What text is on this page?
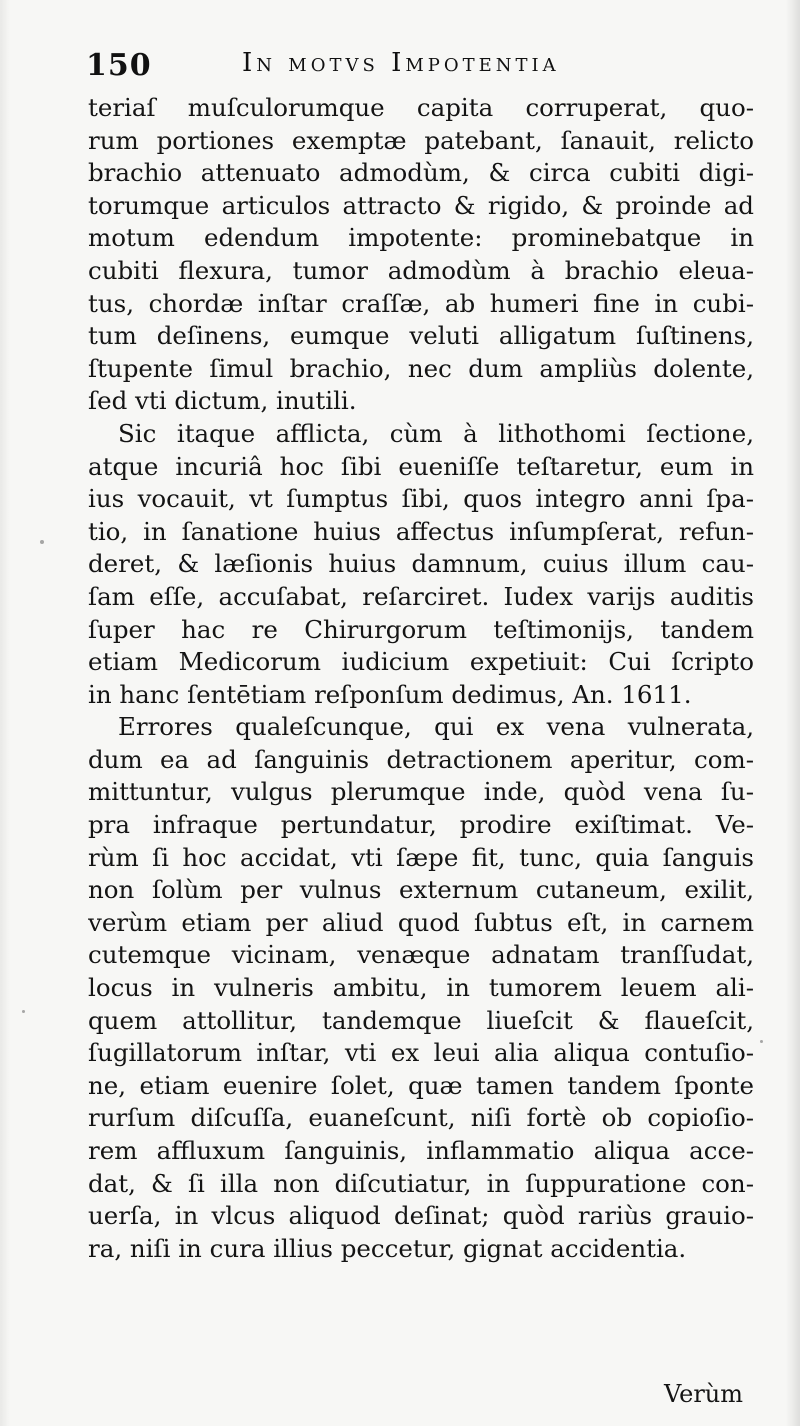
150	In motvs Impotentia
teriaſ muſculorumque capita corruperat, quo-
rum portiones exemptæ patebant, ſanauit, relicto
brachio attenuato admodùm, & circa cubiti digi-
torumque articulos attracto & rigido, & proinde ad
motum edendum impotente: prominebatque in
cubiti flexura, tumor admodùm à brachio eleua-
tus, chordæ inſtar craſſæ, ab humeri fine in cubi-
tum deſinens, eumque veluti alligatum ſuſtinens,
ſtupente ſimul brachio, nec dum ampliùs dolente,
ſed vti dictum, inutili.
Sic itaque afflicta, cùm à lithothomi ſectione,
atque incuriâ hoc ſibi eueniſſe teſtaretur, eum in
ius vocauit, vt ſumptus ſibi, quos integro anni ſpa-
tio, in ſanatione huius affectus inſumpſerat, refun-
deret, & læſionis huius damnum, cuius illum cau-
ſam eſſe, accuſabat, reſarciret. Iudex varijs auditis
ſuper hac re Chirurgorum teſtimonijs, tandem
etiam Medicorum iudicium expetiuit: Cui ſcripto
in hanc ſentētiam reſponſum dedimus, An. 1611.
Errores qualeſcunque, qui ex vena vulnerata,
dum ea ad ſanguinis detractionem aperitur, com-
mittuntur, vulgus plerumque inde, quòd vena ſu-
pra infraque pertundatur, prodire exiſtimat. Ve-
rùm ſi hoc accidat, vti ſæpe fit, tunc, quia ſanguis
non ſolùm per vulnus externum cutaneum, exilit,
verùm etiam per aliud quod ſubtus eſt, in carnem
cutemque vicinam, venæque adnatam tranſſudat,
locus in vulneris ambitu, in tumorem leuem ali-
quem attollitur, tandemque liueſcit & flaueſcit,
ſugillatorum inſtar, vti ex leui alia aliqua contuſio-
ne, etiam euenire ſolet, quæ tamen tandem ſponte
rurſum diſcuſſa, euaneſcunt, niſi fortè ob copioſio-
rem affluxum ſanguinis, inflammatio aliqua acce-
dat, & ſi illa non diſcutiatur, in ſuppuratione con-
uerſa, in vlcus aliquod deſinat; quòd rariùs grauio-
ra, niſi in cura illius peccetur, gignat accidentia.
Verùm
